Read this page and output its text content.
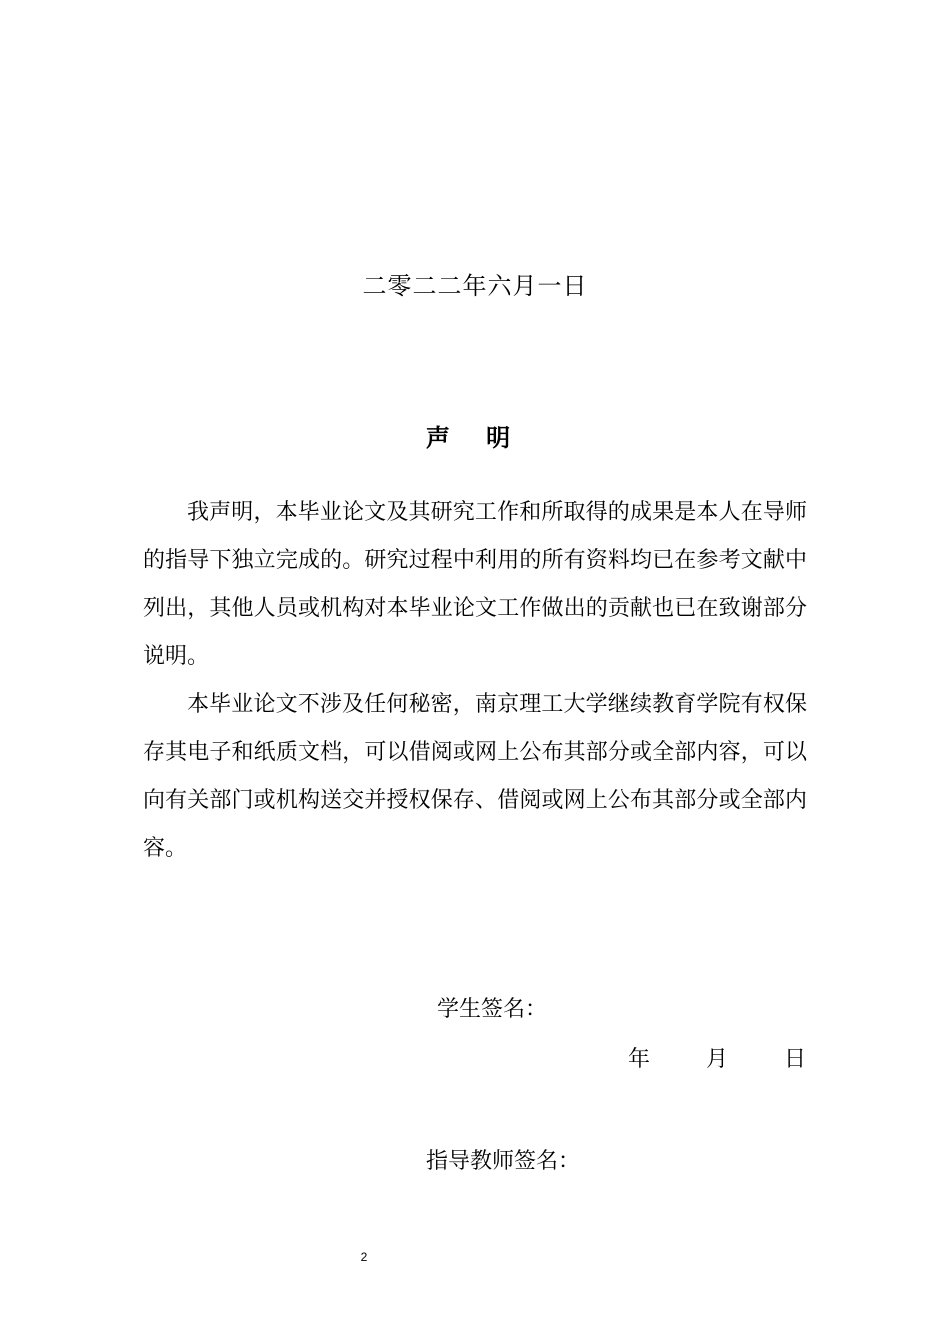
二零二二年六月一日
声 明

我声明，本毕业论文及其研究工作和所取得的成果是本人在导师的指导下独立完成的。研究过程中利用的所有资料均已在参考文献中列出，其他人员或机构对本毕业论文工作做出的贡献也已在致谢部分说明。

本毕业论文不涉及任何秘密，南京理工大学继续教育学院有权保存其电子和纸质文档，可以借阅或网上公布其部分或全部内容，可以向有关部门或机构送交并授权保存、借阅或网上公布其部分或全部内容。

学生签名：
年	月	日
指导教师签名：
2
